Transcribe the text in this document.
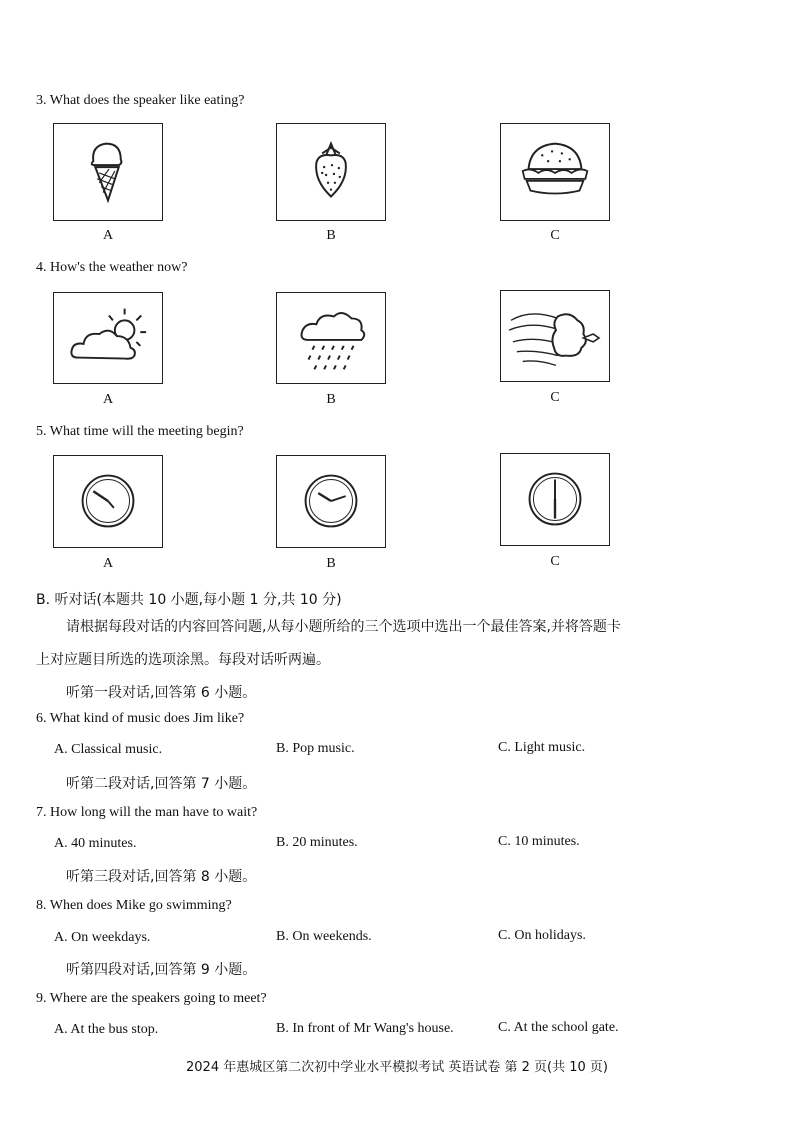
3. What does the speaker like eating?
A	B	C
4. How's the weather now?
A	B	C
5. What time will the meeting begin?
A	B	C
B. 听对话(本题共 10 小题,每小题 1 分,共 10 分)
请根据每段对话的内容回答问题,从每小题所给的三个选项中选出一个最佳答案,并将答题卡
上对应题目所选的选项涂黑。每段对话听两遍。
听第一段对话,回答第 6 小题。
6. What kind of music does Jim like?
A. Classical music.	B. Pop music.	C. Light music.
听第二段对话,回答第 7 小题。
7. How long will the man have to wait?
A. 40 minutes.	B. 20 minutes.	C. 10 minutes.
听第三段对话,回答第 8 小题。
8. When does Mike go swimming?
A. On weekdays.	B. On weekends.	C. On holidays.
听第四段对话,回答第 9 小题。
9. Where are the speakers going to meet?
A. At the bus stop.	B. In front of Mr Wang's house.	C. At the school gate.
2024 年惠城区第二次初中学业水平模拟考试 英语试卷 第 2 页(共 10 页)
